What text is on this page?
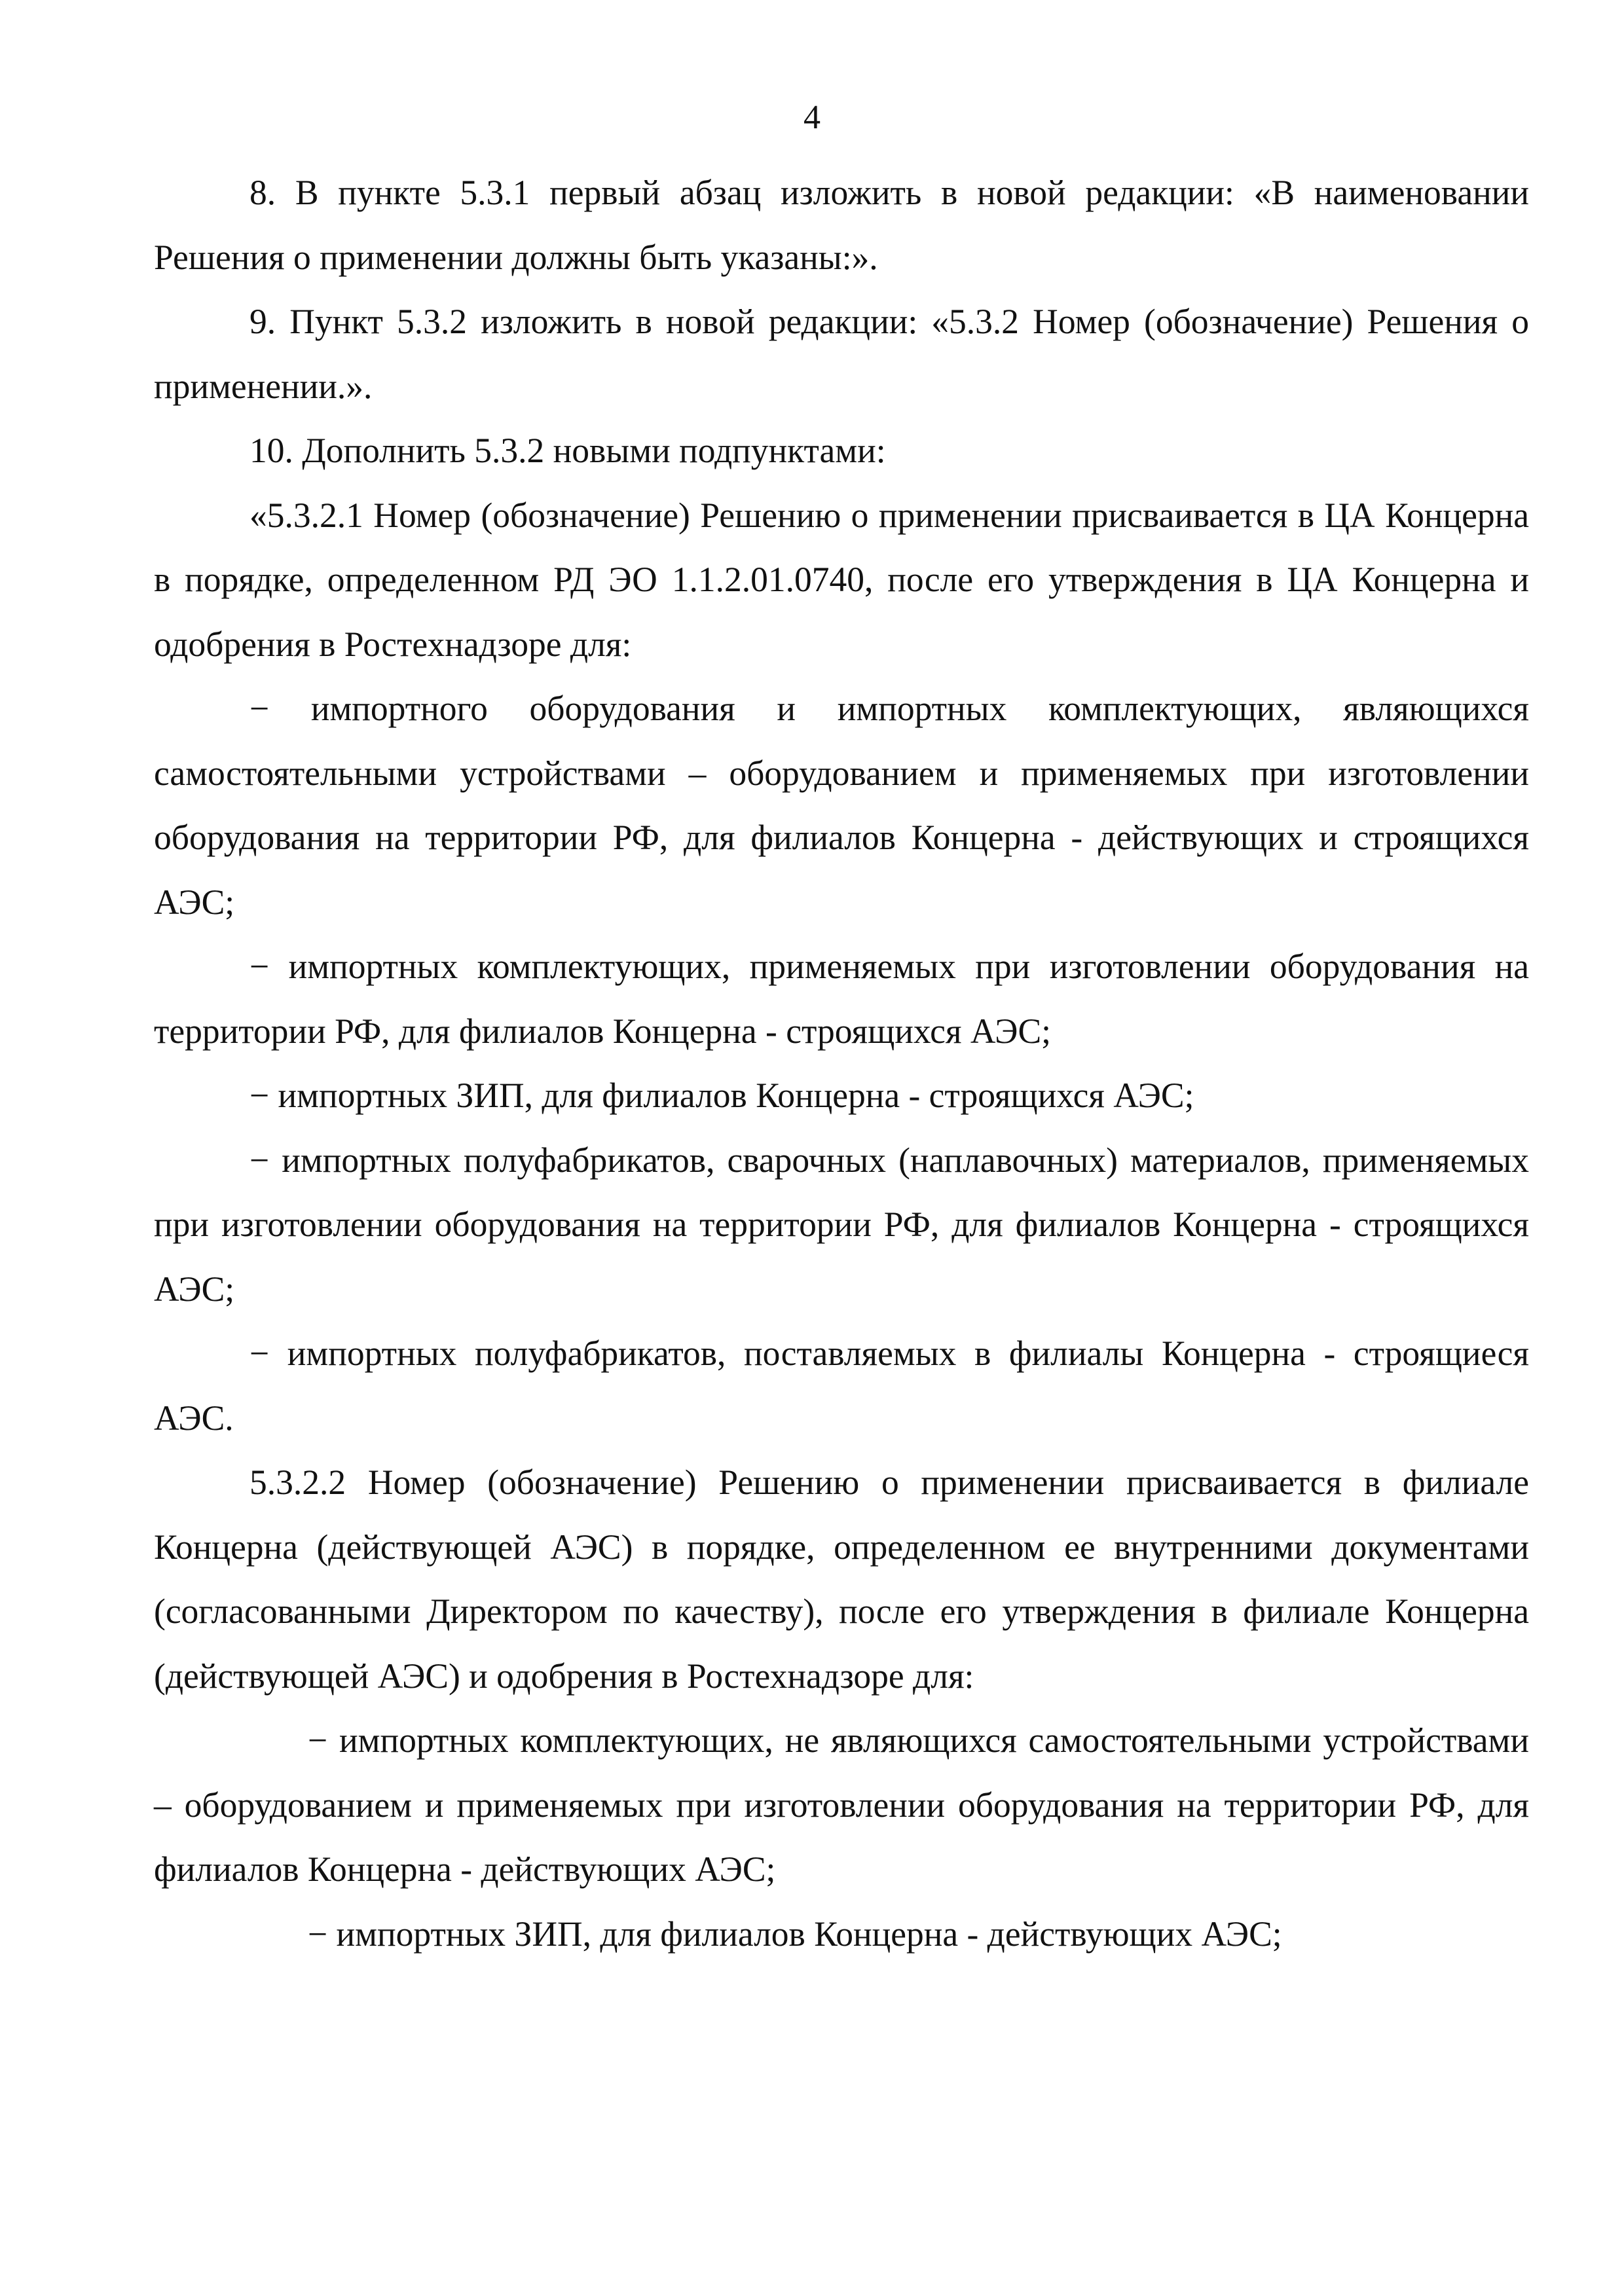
4

8. В пункте 5.3.1 первый абзац изложить в новой редакции: «В наименовании Решения о применении должны быть указаны:».

9. Пункт 5.3.2 изложить в новой редакции: «5.3.2 Номер (обозначение) Решения о применении.».

10. Дополнить 5.3.2 новыми подпунктами:

«5.3.2.1 Номер (обозначение) Решению о применении присваивается в ЦА Концерна в порядке, определенном РД ЭО 1.1.2.01.0740, после его утверждения в ЦА Концерна и одобрения в Ростехнадзоре для:

− импортного оборудования и импортных комплектующих, являющихся самостоятельными устройствами – оборудованием и применяемых при изготовлении оборудования на территории РФ, для филиалов Концерна - действующих и строящихся АЭС;

− импортных комплектующих, применяемых при изготовлении оборудования на территории РФ, для филиалов Концерна - строящихся АЭС;

− импортных ЗИП, для филиалов Концерна - строящихся АЭС;

− импортных полуфабрикатов, сварочных (наплавочных) материалов, применяемых при изготовлении оборудования на территории РФ, для филиалов Концерна - строящихся АЭС;

− импортных полуфабрикатов, поставляемых в филиалы Концерна - строящиеся АЭС.

5.3.2.2 Номер (обозначение) Решению о применении присваивается в филиале Концерна (действующей АЭС) в порядке, определенном ее внутренними документами (согласованными Директором по качеству), после его утверждения в филиале Концерна (действующей АЭС) и одобрения в Ростехнадзоре для:

− импортных комплектующих, не являющихся самостоятельными устройствами – оборудованием и применяемых при изготовлении оборудования на территории РФ, для филиалов Концерна - действующих АЭС;

− импортных ЗИП, для филиалов Концерна - действующих АЭС;
